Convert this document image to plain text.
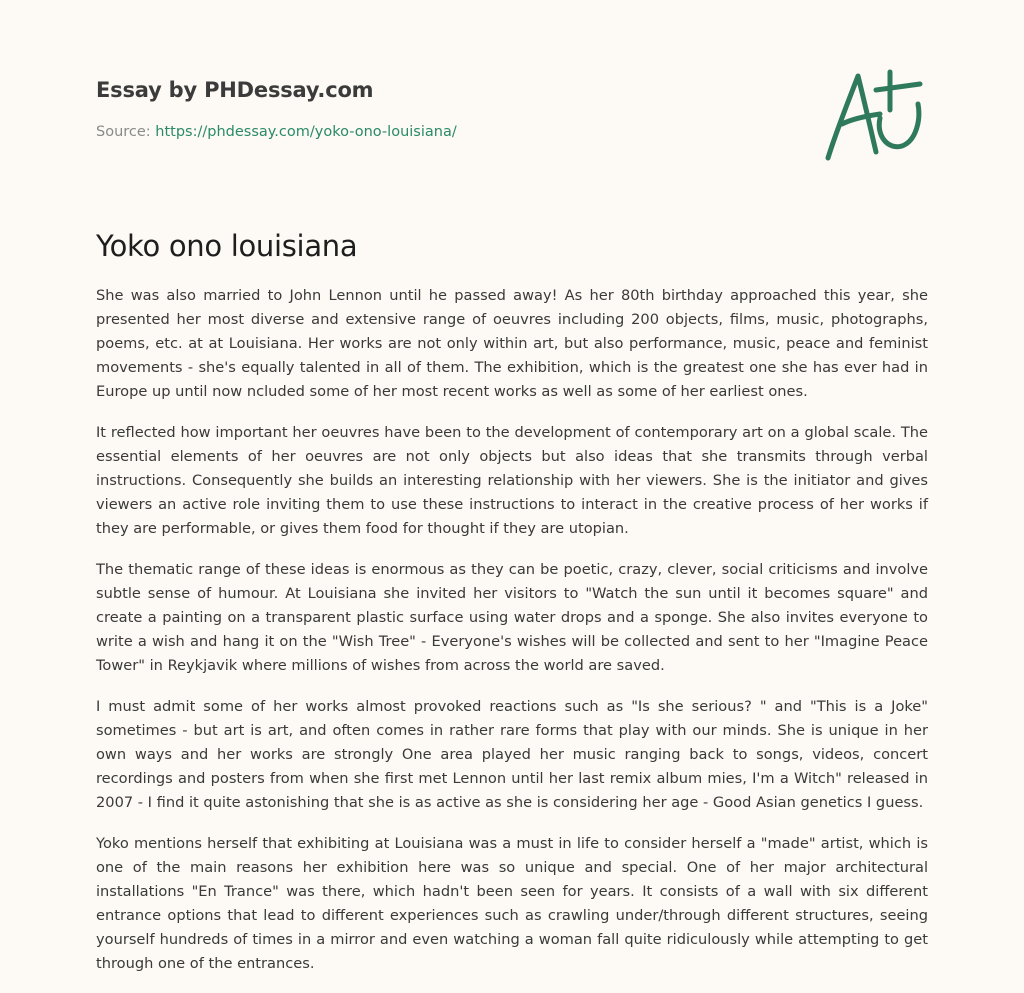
Essay by PHDessay.com
Source: https://phdessay.com/yoko-ono-louisiana/
Yoko ono louisiana

She was also married to John Lennon until he passed away! As her 80th birthday approached this year, she presented her most diverse and extensive range of oeuvres including 200 objects, films, music, photographs, poems, etc. at at Louisiana. Her works are not only within art, but also performance, music, peace and feminist movements - she's equally talented in all of them. The exhibition, which is the greatest one she has ever had in Europe up until now ncluded some of her most recent works as well as some of her earliest ones.

It reflected how important her oeuvres have been to the development of contemporary art on a global scale. The essential elements of her oeuvres are not only objects but also ideas that she transmits through verbal instructions. Consequently she builds an interesting relationship with her viewers. She is the initiator and gives viewers an active role inviting them to use these instructions to interact in the creative process of her works if they are performable, or gives them food for thought if they are utopian.

The thematic range of these ideas is enormous as they can be poetic, crazy, clever, social criticisms and involve subtle sense of humour. At Louisiana she invited her visitors to "Watch the sun until it becomes square" and create a painting on a transparent plastic surface using water drops and a sponge. She also invites everyone to write a wish and hang it on the "Wish Tree" - Everyone's wishes will be collected and sent to her "Imagine Peace Tower" in Reykjavik where millions of wishes from across the world are saved.

I must admit some of her works almost provoked reactions such as "Is she serious? " and "This is a Joke" sometimes - but art is art, and often comes in rather rare forms that play with our minds. She is unique in her own ways and her works are strongly One area played her music ranging back to songs, videos, concert recordings and posters from when she first met Lennon until her last remix album mies, I'm a Witch" released in 2007 - I find it quite astonishing that she is as active as she is considering her age - Good Asian genetics I guess.

Yoko mentions herself that exhibiting at Louisiana was a must in life to consider herself a "made" artist, which is one of the main reasons her exhibition here was so unique and special. One of her major architectural installations "En Trance" was there, which hadn't been seen for years. It consists of a wall with six different entrance options that lead to different experiences such as crawling under/through different structures, seeing yourself hundreds of times in a mirror and even watching a woman fall quite ridiculously while attempting to get through one of the entrances.
